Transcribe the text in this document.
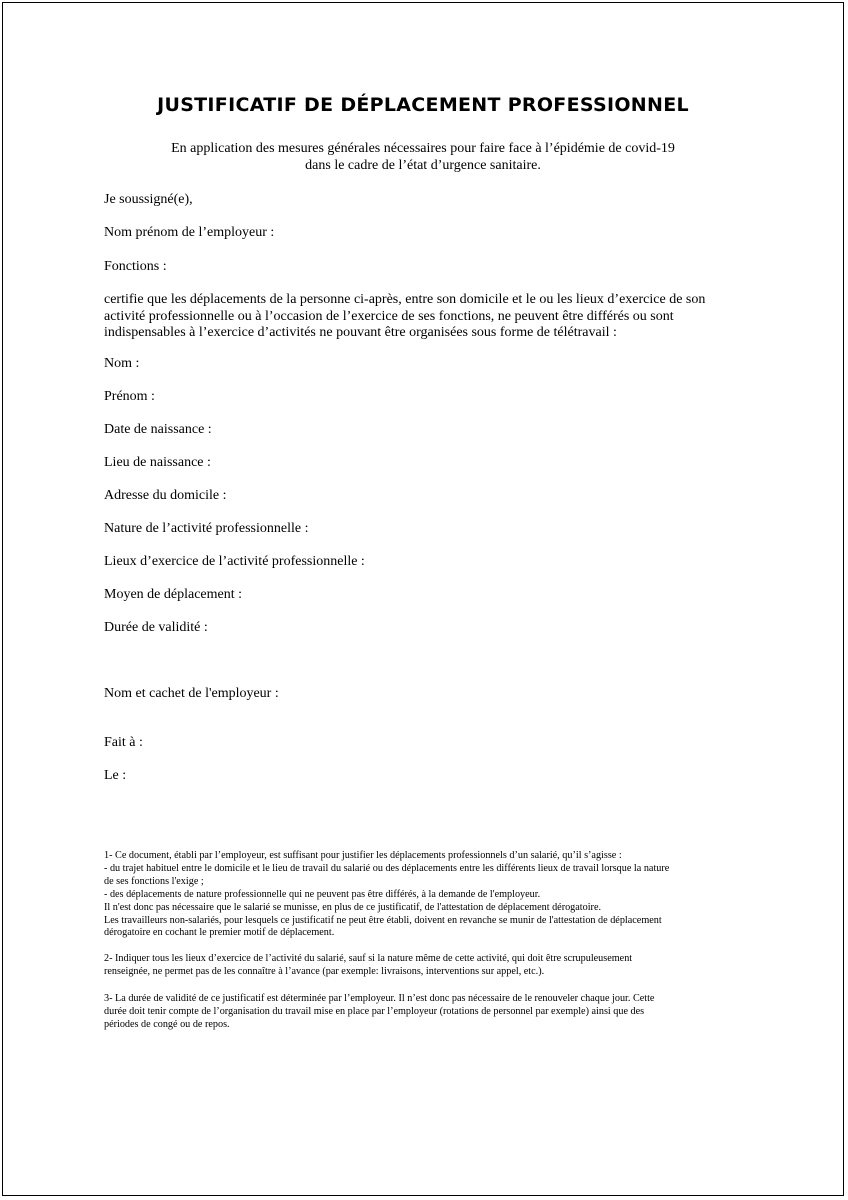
JUSTIFICATIF DE DÉPLACEMENT PROFESSIONNEL
En application des mesures générales nécessaires pour faire face à l’épidémie de covid-19
dans le cadre de l’état d’urgence sanitaire.

Je soussigné(e),

Nom prénom de l’employeur :

Fonctions :

certifie que les déplacements de la personne ci-après, entre son domicile et le ou les lieux d’exercice de son
activité professionnelle ou à l’occasion de l’exercice de ses fonctions, ne peuvent être différés ou sont
indispensables à l’exercice d’activités ne pouvant être organisées sous forme de télétravail :

Nom :

Prénom :

Date de naissance :

Lieu de naissance :

Adresse du domicile :

Nature de l’activité professionnelle :

Lieux d’exercice de l’activité professionnelle :

Moyen de déplacement :

Durée de validité :

Nom et cachet de l'employeur :

Fait à :

Le :

1- Ce document, établi par l’employeur, est suffisant pour justifier les déplacements professionnels d’un salarié, qu’il s’agisse :
- du trajet habituel entre le domicile et le lieu de travail du salarié ou des déplacements entre les différents lieux de travail lorsque la nature
de ses fonctions l'exige ;
- des déplacements de nature professionnelle qui ne peuvent pas être différés, à la demande de l'employeur.
Il n'est donc pas nécessaire que le salarié se munisse, en plus de ce justificatif, de l'attestation de déplacement dérogatoire.
Les travailleurs non-salariés, pour lesquels ce justificatif ne peut être établi, doivent en revanche se munir de l'attestation de déplacement
dérogatoire en cochant le premier motif de déplacement.
2- Indiquer tous les lieux d’exercice de l’activité du salarié, sauf si la nature même de cette activité, qui doit être scrupuleusement
renseignée, ne permet pas de les connaître à l’avance (par exemple: livraisons, interventions sur appel, etc.).
3- La durée de validité de ce justificatif est déterminée par l’employeur. Il n’est donc pas nécessaire de le renouveler chaque jour. Cette
durée doit tenir compte de l’organisation du travail mise en place par l’employeur (rotations de personnel par exemple) ainsi que des
périodes de congé ou de repos.
